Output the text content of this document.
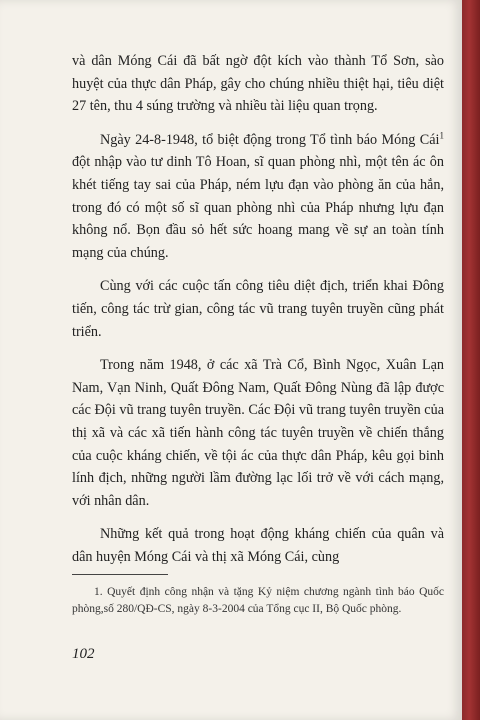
và dân Móng Cái đã bất ngờ đột kích vào thành Tổ Sơn, sào huyệt của thực dân Pháp, gây cho chúng nhiều thiệt hại, tiêu diệt 27 tên, thu 4 súng trường và nhiều tài liệu quan trọng.

Ngày 24-8-1948, tổ biệt động trong Tổ tình báo Móng Cái$^1$ đột nhập vào tư dinh Tô Hoan, sĩ quan phòng nhì, một tên ác ôn khét tiếng tay sai của Pháp, ném lựu đạn vào phòng ăn của hắn, trong đó có một số sĩ quan phòng nhì của Pháp nhưng lựu đạn không nổ. Bọn đầu sỏ hết sức hoang mang về sự an toàn tính mạng của chúng.

Cùng với các cuộc tấn công tiêu diệt địch, triển khai Đông tiến, công tác trừ gian, công tác vũ trang tuyên truyền cũng phát triển.

Trong năm 1948, ở các xã Trà Cổ, Bình Ngọc, Xuân Lạn Nam, Vạn Ninh, Quất Đông Nam, Quất Đông Nùng đã lập được các Đội vũ trang tuyên truyền. Các Đội vũ trang tuyên truyền của thị xã và các xã tiến hành công tác tuyên truyền về chiến thắng của cuộc kháng chiến, về tội ác của thực dân Pháp, kêu gọi binh lính địch, những người lầm đường lạc lối trở về với cách mạng, với nhân dân.

Những kết quả trong hoạt động kháng chiến của quân và dân huyện Móng Cái và thị xã Móng Cái, cùng

1. Quyết định công nhận và tặng Kỷ niệm chương ngành tình báo Quốc phòng,số 280/QĐ-CS, ngày 8-3-2004 của Tổng cục II, Bộ Quốc phòng.

102
